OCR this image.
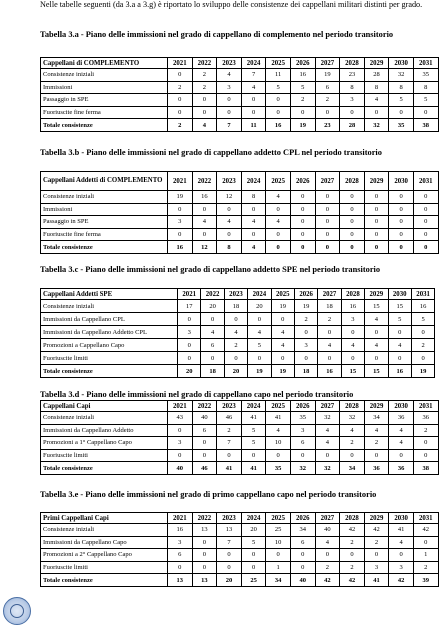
Nelle tabelle seguenti (da 3.a a 3.g) è riportato lo sviluppo delle consistenze dei cappellani militari distinti per grado.
Tabella 3.a - Piano delle immissioni nel grado di cappellano di complemento nel periodo transitorio
Cappellani di COMPLEMENTO	2021	2022	2023	2024	2025	2026	2027	2028	2029	2030	2031
Consistenze iniziali	0	2	4	7	11	16	19	23	28	32	35
Immissioni	2	2	3	4	5	5	6	8	8	8	8
Passaggio in SPE	0	0	0	0	0	2	2	3	4	5	5
Fuoriuscite fine ferma	0	0	0	0	0	0	0	0	0	0	0
Totale consistenze	2	4	7	11	16	19	23	28	32	35	38
Tabella 3.b - Piano delle immissioni nel grado di cappellano addetto CPL nel periodo transitorio
Cappellani Addetti di COMPLEMENTO	2021	2022	2023	2024	2025	2026	2027	2028	2029	2030	2031
Consistenze iniziali	19	16	12	8	4	0	0	0	0	0	0
Immissioni	0	0	0	0	0	0	0	0	0	0	0
Passaggio in SPE	3	4	4	4	4	0	0	0	0	0	0
Fuoriuscite fine ferma	0	0	0	0	0	0	0	0	0	0	0
Totale consistenze	16	12	8	4	0	0	0	0	0	0	0
Tabella 3.c - Piano delle immissioni nel grado di cappellano addetto SPE nel periodo transitorio
Cappellani Addetti SPE	2021	2022	2023	2024	2025	2026	2027	2028	2029	2030	2031
Consistenze iniziali	17	20	18	20	19	19	18	16	15	15	16
Immissioni da Cappellano CPL	0	0	0	0	0	2	2	3	4	5	5
Immissioni da Cappellano Addetto CPL	3	4	4	4	4	0	0	0	0	0	0
Promozioni a Cappellano Capo	0	6	2	5	4	3	4	4	4	4	2
Fuoriuscite limiti	0	0	0	0	0	0	0	0	0	0	0
Totale consistenze	20	18	20	19	19	18	16	15	15	16	19
Tabella 3.d - Piano delle immissioni nel grado di cappellano capo nel periodo transitorio
Cappellani Capi	2021	2022	2023	2024	2025	2026	2027	2028	2029	2030	2031
Consistenze iniziali	43	40	46	41	41	35	32	32	34	36	36
Immissioni da Cappellano Addetto	0	6	2	5	4	3	4	4	4	4	2
Promozioni a 1° Cappellano Capo	3	0	7	5	10	6	4	2	2	4	0
Fuoriuscite limiti	0	0	0	0	0	0	0	0	0	0	0
Totale consistenze	40	46	41	41	35	32	32	34	36	36	38
Tabella 3.e - Piano delle immissioni nel grado di primo cappellano capo nel periodo transitorio
Primi Cappellani Capi	2021	2022	2023	2024	2025	2026	2027	2028	2029	2030	2031
Consistenze iniziali	16	13	13	20	25	34	40	42	42	41	42
Immissioni da Cappellano Capo	3	0	7	5	10	6	4	2	2	4	0
Promozioni a 2° Cappellano Capo	6	0	0	0	0	0	0	0	0	0	1
Fuoriuscite limiti	0	0	0	0	1	0	2	2	3	3	2
Totale consistenze	13	13	20	25	34	40	42	42	41	42	39
